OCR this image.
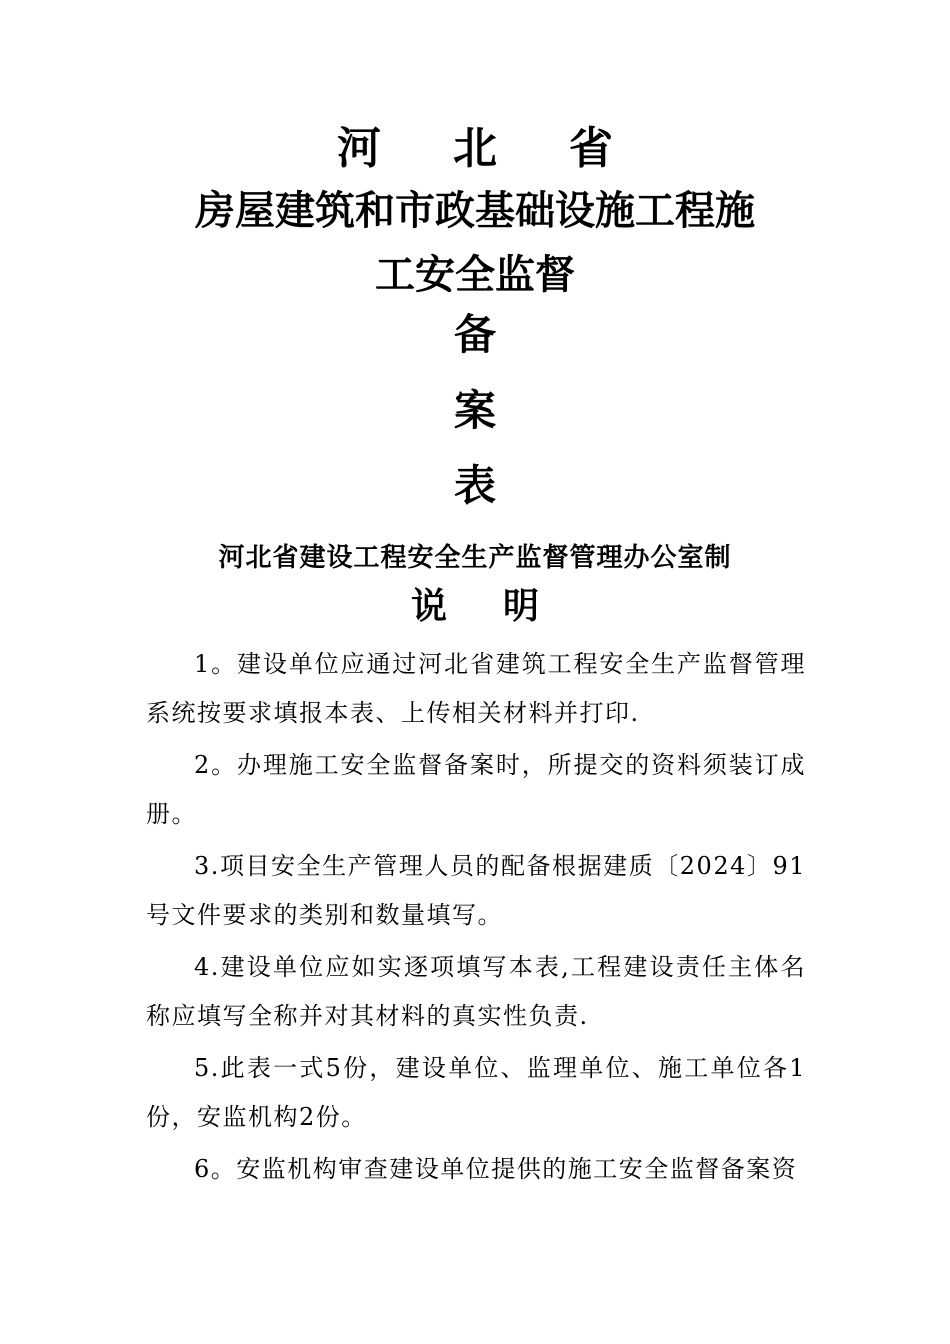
河北省
房屋建筑和市政基础设施工程施
工安全监督
备
案
表
河北省建设工程安全生产监督管理办公室制
说明

1。建设单位应通过河北省建筑工程安全生产监督管理系统按要求填报本表、上传相关材料并打印.

2。办理施工安全监督备案时，所提交的资料须装订成册。

3.项目安全生产管理人员的配备根据建质〔2024〕91号文件要求的类别和数量填写。

4.建设单位应如实逐项填写本表,工程建设责任主体名称应填写全称并对其材料的真实性负责.

5.此表一式5份，建设单位、监理单位、施工单位各1份，安监机构2份。

6。安监机构审查建设单位提供的施工安全监督备案资
